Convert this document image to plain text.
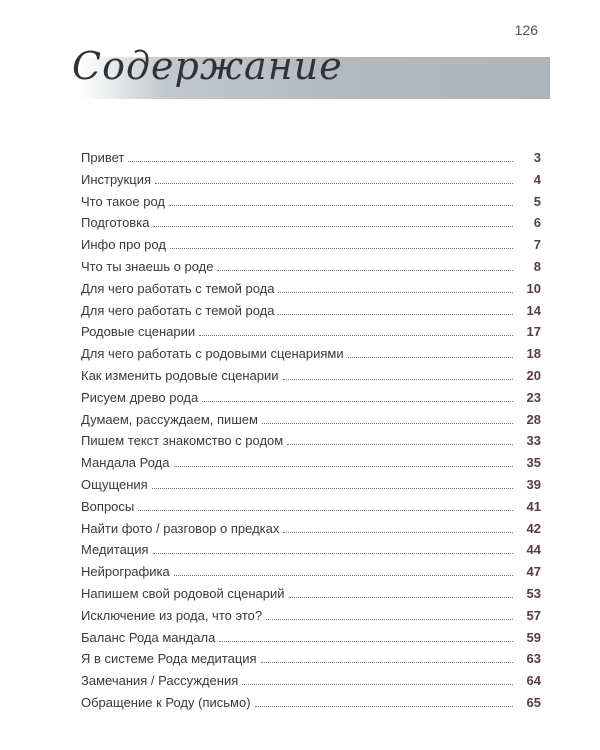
126
Содержание
Привет	3
Инструкция	4
Что такое род	5
Подготовка	6
Инфо про род	7
Что ты знаешь о роде	8
Для чего работать с темой рода	10
Для чего работать с темой рода	14
Родовые сценарии	17
Для чего работать с родовыми сценариями	18
Как изменить родовые сценарии	20
Рисуем древо рода	23
Думаем, рассуждаем, пишем	28
Пишем текст знакомство с родом	33
Мандала Рода	35
Ощущения	39
Вопросы	41
Найти фото / разговор о предках	42
Медитация	44
Нейрографика	47
Напишем свой родовой сценарий	53
Исключение из рода, что это?	57
Баланс Рода мандала	59
Я в системе Рода медитация	63
Замечания / Рассуждения	64
Обращение к Роду (письмо)	65
